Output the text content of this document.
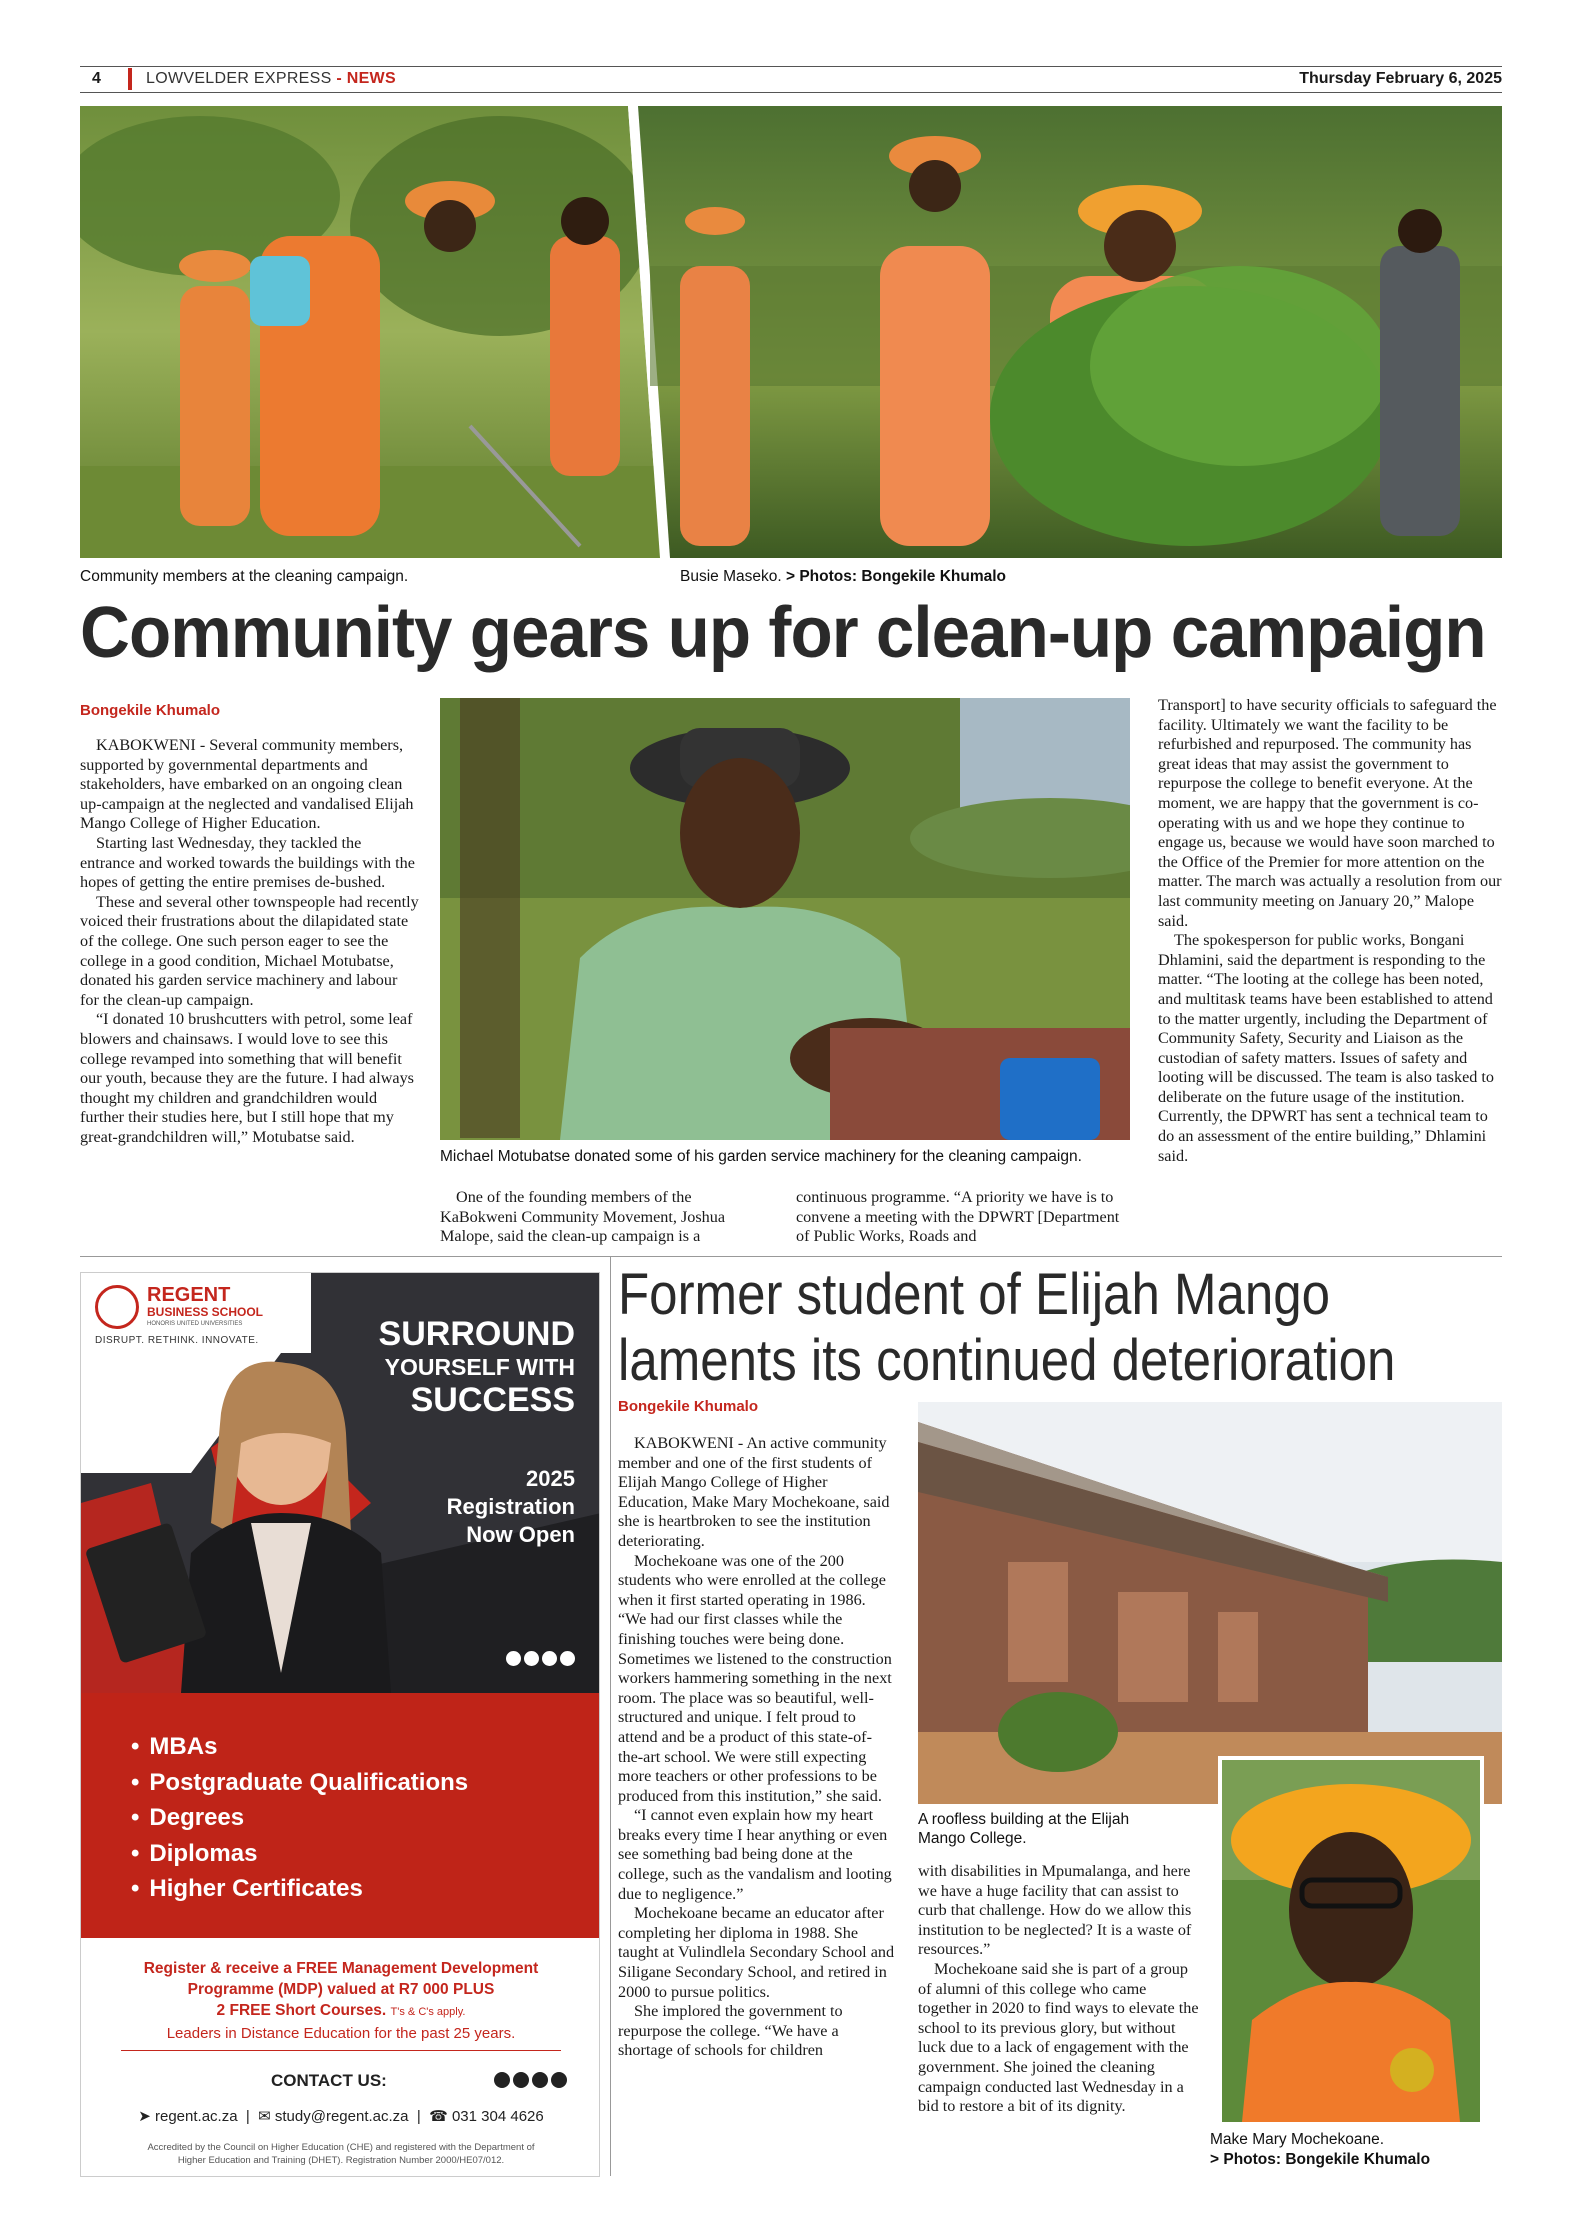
4	LOWVELDER EXPRESS - NEWS	Thursday February 6, 2025
Community members at the cleaning campaign.	Busie Maseko. > Photos: Bongekile Khumalo
Community gears up for clean-up campaign
Bongekile Khumalo

KABOKWENI - Several community members, supported by governmental departments and stakeholders, have embarked on an ongoing clean up-campaign at the neglected and vandalised Elijah Mango College of Higher Education.

Starting last Wednesday, they tackled the entrance and worked towards the buildings with the hopes of getting the entire premises de-bushed.

These and several other townspeople had recently voiced their frustrations about the dilapidated state of the college. One such person eager to see the college in a good condition, Michael Motubatse, donated his garden service machinery and labour for the clean-up campaign.

“I donated 10 brushcutters with petrol, some leaf blowers and chainsaws. I would love to see this college revamped into something that will benefit our youth, because they are the future. I had always thought my children and grandchildren would further their studies here, but I still hope that my great-grandchildren will,” Motubatse said.

Michael Motubatse donated some of his garden service machinery for the cleaning campaign.

One of the founding members of the KaBokweni Community Movement, Joshua Malope, said the clean-up campaign is a

continuous programme. “A priority we have is to convene a meeting with the DPWRT [Department of Public Works, Roads and

Transport] to have security officials to safeguard the facility. Ultimately we want the facility to be refurbished and repurposed. The community has great ideas that may assist the government to repurpose the college to benefit everyone. At the moment, we are happy that the government is co-operating with us and we hope they continue to engage us, because we would have soon marched to the Office of the Premier for more attention on the matter. The march was actually a resolution from our last community meeting on January 20,” Malope said.

The spokesperson for public works, Bongani Dhlamini, said the department is responding to the matter. “The looting at the college has been noted, and multitask teams have been established to attend to the matter urgently, including the Department of Community Safety, Security and Liaison as the custodian of safety matters. Issues of safety and looting will be discussed. The team is also tasked to deliberate on the future usage of the institution. Currently, the DPWRT has sent a technical team to do an assessment of the entire building,” Dhlamini said.

REGENT
BUSINESS SCHOOL
HONORIS UNITED UNIVERSITIES
DISRUPT. RETHINK. INNOVATE.	SURROUND
YOURSELF WITH
SUCCESS
2025
Registration
Now Open
• MBAs
• Postgraduate Qualifications
• Degrees
• Diplomas
• Higher Certificates
Register & receive a FREE Management Development
Programme (MDP) valued at R7 000 PLUS
2 FREE Short Courses. T's & C's apply.
Leaders in Distance Education for the past 25 years.
CONTACT US:
➤ regent.ac.za  |  ✉ study@regent.ac.za  |  ☎ 031 304 4626
Accredited by the Council on Higher Education (CHE) and registered with the Department of
Higher Education and Training (DHET). Registration Number 2000/HE07/012.
Former student of Elijah Mango
laments its continued deterioration
Bongekile Khumalo

KABOKWENI - An active community member and one of the first students of Elijah Mango College of Higher Education, Make Mary Mochekoane, said she is heartbroken to see the institution deteriorating.

Mochekoane was one of the 200 students who were enrolled at the college when it first started operating in 1986. “We had our first classes while the finishing touches were being done. Sometimes we listened to the construction workers hammering something in the next room. The place was so beautiful, well-structured and unique. I felt proud to attend and be a product of this state-of-the-art school. We were still expecting more teachers or other professions to be produced from this institution,” she said.

“I cannot even explain how my heart breaks every time I hear anything or even see something bad being done at the college, such as the vandalism and looting due to negligence.”

Mochekoane became an educator after completing her diploma in 1988. She taught at Vulindlela Secondary School and Siligane Secondary School, and retired in 2000 to pursue politics.

She implored the government to repurpose the college. “We have a shortage of schools for children

A roofless building at the Elijah Mango College.

with disabilities in Mpumalanga, and here we have a huge facility that can assist to curb that challenge. How do we allow this institution to be neglected? It is a waste of resources.”

Mochekoane said she is part of a group of alumni of this college who came together in 2020 to find ways to elevate the school to its previous glory, but without luck due to a lack of engagement with the government. She joined the cleaning campaign conducted last Wednesday in a bid to restore a bit of its dignity.

Make Mary Mochekoane.
> Photos: Bongekile Khumalo
